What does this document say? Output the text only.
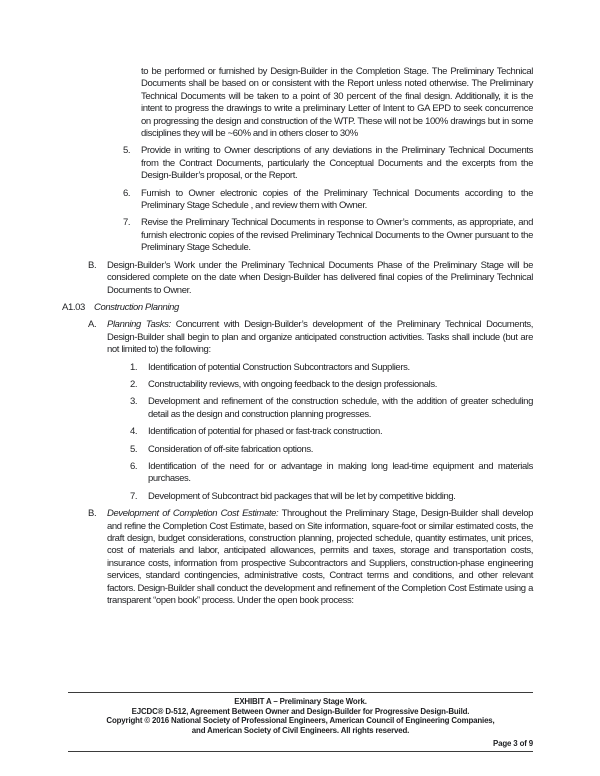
to be performed or furnished by Design-Builder in the Completion Stage. The Preliminary Technical Documents shall be based on or consistent with the Report unless noted otherwise. The Preliminary Technical Documents will be taken to a point of 30 percent of the final design. Additionally, it is the intent to progress the drawings to write a preliminary Letter of Intent to GA EPD to seek concurrence on progressing the design and construction of the WTP. These will not be 100% drawings but in some disciplines they will be ~60% and in others closer to 30%

5.	Provide in writing to Owner descriptions of any deviations in the Preliminary Technical Documents from the Contract Documents, particularly the Conceptual Documents and the excerpts from the Design-Builder’s proposal, or the Report.
6.	Furnish to Owner electronic copies of the Preliminary Technical Documents according to the Preliminary Stage Schedule , and review them with Owner.
7.	Revise the Preliminary Technical Documents in response to Owner’s comments, as appropriate, and furnish electronic copies of the revised Preliminary Technical Documents to the Owner pursuant to the Preliminary Stage Schedule.
B.	Design-Builder’s Work under the Preliminary Technical Documents Phase of the Preliminary Stage will be considered complete on the date when Design-Builder has delivered final copies of the Preliminary Technical Documents to Owner.
A1.03 Construction Planning
A.	Planning Tasks: Concurrent with Design-Builder’s development of the Preliminary Technical Documents, Design-Builder shall begin to plan and organize anticipated construction activities. Tasks shall include (but are not limited to) the following:
1.	Identification of potential Construction Subcontractors and Suppliers.
2.	Constructability reviews, with ongoing feedback to the design professionals.
3.	Development and refinement of the construction schedule, with the addition of greater scheduling detail as the design and construction planning progresses.
4.	Identification of potential for phased or fast-track construction.
5.	Consideration of off-site fabrication options.
6.	Identification of the need for or advantage in making long lead-time equipment and materials purchases.
7.	Development of Subcontract bid packages that will be let by competitive bidding.
B.	Development of Completion Cost Estimate: Throughout the Preliminary Stage, Design-Builder shall develop and refine the Completion Cost Estimate, based on Site information, square-foot or similar estimated costs, the draft design, budget considerations, construction planning, projected schedule, quantity estimates, unit prices, cost of materials and labor, anticipated allowances, permits and taxes, storage and transportation costs, insurance costs, information from prospective Subcontractors and Suppliers, construction-phase engineering services, standard contingencies, administrative costs, Contract terms and conditions, and other relevant factors. Design-Builder shall conduct the development and refinement of the Completion Cost Estimate using a transparent “open book” process. Under the open book process:
EXHIBIT A – Preliminary Stage Work.
EJCDC® D-512, Agreement Between Owner and Design-Builder for Progressive Design-Build.
Copyright © 2016 National Society of Professional Engineers, American Council of Engineering Companies,
and American Society of Civil Engineers. All rights reserved.
Page 3 of 9
